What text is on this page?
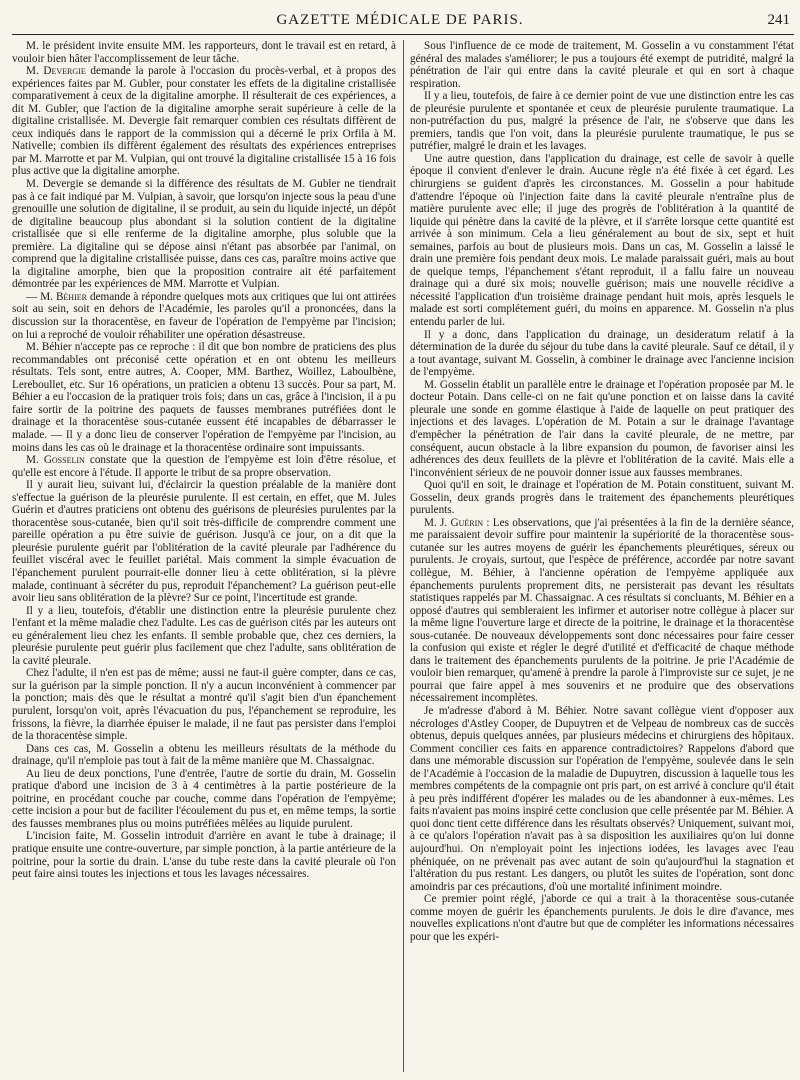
GAZETTE MÉDICALE DE PARIS.	241

M. le président invite ensuite MM. les rapporteurs, dont le travail est en retard, à vouloir bien hâter l'accomplissement de leur tâche.

M. Devergie demande la parole à l'occasion du procès-verbal, et à propos des expériences faites par M. Gubler, pour constater les effets de la digitaline cristallisée comparativement à ceux de la digitaline amorphe. Il résulterait de ces expériences, a dit M. Gubler, que l'action de la digitaline amorphe serait supérieure à celle de la digitaline cristallisée. M. Devergie fait remarquer combien ces résultats diffèrent de ceux indiqués dans le rapport de la commission qui a décerné le prix Orfila à M. Nativelle; combien ils diffèrent également des résultats des expériences entreprises par M. Marrotte et par M. Vulpian, qui ont trouvé la digitaline cristallisée 15 à 16 fois plus active que la digitaline amorphe.

M. Devergie se demande si la différence des résultats de M. Gubler ne tiendrait pas à ce fait indiqué par M. Vulpian, à savoir, que lorsqu'on injecte sous la peau d'une grenouille une solution de digitaline, il se produit, au sein du liquide injecté, un dépôt de digitaline beaucoup plus abondant si la solution contient de la digitaline cristallisée que si elle renferme de la digitaline amorphe, plus soluble que la première. La digitaline qui se dépose ainsi n'étant pas absorbée par l'animal, on comprend que la digitaline cristallisée puisse, dans ces cas, paraître moins active que la digitaline amorphe, bien que la proposition contraire ait été parfaitement démontrée par les expériences de MM. Marrotte et Vulpian.

— M. Béhier demande à répondre quelques mots aux critiques que lui ont attirées soit au sein, soit en dehors de l'Académie, les paroles qu'il a prononcées, dans la discussion sur la thoracentèse, en faveur de l'opération de l'empyème par l'incision; on lui a reproché de vouloir réhabiliter une opération désastreuse.

M. Béhier n'accepte pas ce reproche : il dit que bon nombre de praticiens des plus recommandables ont préconisé cette opération et en ont obtenu les meilleurs résultats. Tels sont, entre autres, A. Cooper, MM. Barthez, Woillez, Laboulbène, Lereboullet, etc. Sur 16 opérations, un praticien a obtenu 13 succès. Pour sa part, M. Béhier a eu l'occasion de la pratiquer trois fois; dans un cas, grâce à l'incision, il a pu faire sortir de la poitrine des paquets de fausses membranes putréfiées dont le drainage et la thoracentèse sous-cutanée eussent été incapables de débarrasser le malade. — Il y a donc lieu de conserver l'opération de l'empyème par l'incision, au moins dans les cas où le drainage et la thoracentèse ordinaire sont impuissants.

M. Gosselin constate que la question de l'empyème est loin d'être résolue, et qu'elle est encore à l'étude. Il apporte le tribut de sa propre observation.

Il y aurait lieu, suivant lui, d'éclaircir la question préalable de la manière dont s'effectue la guérison de la pleurésie purulente. Il est certain, en effet, que M. Jules Guérin et d'autres praticiens ont obtenu des guérisons de pleurésies purulentes par la thoracentèse sous-cutanée, bien qu'il soit très-difficile de comprendre comment une pareille opération a pu être suivie de guérison. Jusqu'à ce jour, on a dit que la pleurésie purulente guérit par l'oblitération de la cavité pleurale par l'adhérence du feuillet viscéral avec le feuillet pariétal. Mais comment la simple évacuation de l'épanchement purulent pourrait-elle donner lieu à cette oblitération, si la plèvre malade, continuant à sécréter du pus, reproduit l'épanchement? La guérison peut-elle avoir lieu sans oblitération de la plèvre? Sur ce point, l'incertitude est grande.

Il y a lieu, toutefois, d'établir une distinction entre la pleurésie purulente chez l'enfant et la même maladie chez l'adulte. Les cas de guérison cités par les auteurs ont eu généralement lieu chez les enfants. Il semble probable que, chez ces derniers, la pleurésie purulente peut guérir plus facilement que chez l'adulte, sans oblitération de la cavité pleurale.

Chez l'adulte, il n'en est pas de même; aussi ne faut-il guère compter, dans ce cas, sur la guérison par la simple ponction. Il n'y a aucun inconvénient à commencer par la ponction; mais dès que le résultat a montré qu'il s'agit bien d'un épanchement purulent, lorsqu'on voit, après l'évacuation du pus, l'épanchement se reproduire, les frissons, la fièvre, la diarrhée épuiser le malade, il ne faut pas persister dans l'emploi de la thoracentèse simple.

Dans ces cas, M. Gosselin a obtenu les meilleurs résultats de la méthode du drainage, qu'il n'emploie pas tout à fait de la même manière que M. Chassaignac.

Au lieu de deux ponctions, l'une d'entrée, l'autre de sortie du drain, M. Gosselin pratique d'abord une incision de 3 à 4 centimètres à la partie postérieure de la poitrine, en procédant couche par couche, comme dans l'opération de l'empyème; cette incision a pour but de faciliter l'écoulement du pus et, en même temps, la sortie des fausses membranes plus ou moins putréfiées mêlées au liquide purulent.

L'incision faite, M. Gosselin introduit d'arrière en avant le tube à drainage; il pratique ensuite une contre-ouverture, par simple ponction, à la partie antérieure de la poitrine, pour la sortie du drain. L'anse du tube reste dans la cavité pleurale où l'on peut faire ainsi toutes les injections et tous les lavages nécessaires.

Sous l'influence de ce mode de traitement, M. Gosselin a vu constamment l'état général des malades s'améliorer; le pus a toujours été exempt de putridité, malgré la pénétration de l'air qui entre dans la cavité pleurale et qui en sort à chaque respiration.

Il y a lieu, toutefois, de faire à ce dernier point de vue une distinction entre les cas de pleurésie purulente et spontanée et ceux de pleurésie purulente traumatique. La non-putréfaction du pus, malgré la présence de l'air, ne s'observe que dans les premiers, tandis que l'on voit, dans la pleurésie purulente traumatique, le pus se putréfier, malgré le drain et les lavages.

Une autre question, dans l'application du drainage, est celle de savoir à quelle époque il convient d'enlever le drain. Aucune règle n'a été fixée à cet égard. Les chirurgiens se guident d'après les circonstances. M. Gosselin a pour habitude d'attendre l'époque où l'injection faite dans la cavité pleurale n'entraîne plus de matière purulente avec elle; il juge des progrès de l'oblitération à la quantité de liquide qui pénètre dans la cavité de la plèvre, et il s'arrête lorsque cette quantité est arrivée à son minimum. Cela a lieu généralement au bout de six, sept et huit semaines, parfois au bout de plusieurs mois. Dans un cas, M. Gosselin a laissé le drain une première fois pendant deux mois. Le malade paraissait guéri, mais au bout de quelque temps, l'épanchement s'étant reproduit, il a fallu faire un nouveau drainage qui a duré six mois; nouvelle guérison; mais une nouvelle récidive a nécessité l'application d'un troisième drainage pendant huit mois, après lesquels le malade est sorti complétement guéri, du moins en apparence. M. Gosselin n'a plus entendu parler de lui.

Il y a donc, dans l'application du drainage, un desideratum relatif à la détermination de la durée du séjour du tube dans la cavité pleurale. Sauf ce détail, il y a tout avantage, suivant M. Gosselin, à combiner le drainage avec l'ancienne incision de l'empyème.

M. Gosselin établit un parallèle entre le drainage et l'opération proposée par M. le docteur Potain. Dans celle-ci on ne fait qu'une ponction et on laisse dans la cavité pleurale une sonde en gomme élastique à l'aide de laquelle on peut pratiquer des injections et des lavages. L'opération de M. Potain a sur le drainage l'avantage d'empêcher la pénétration de l'air dans la cavité pleurale, de ne mettre, par conséquent, aucun obstacle à la libre expansion du poumon, de favoriser ainsi les adhérences des deux feuillets de la plèvre et l'oblitération de la cavité. Mais elle a l'inconvénient sérieux de ne pouvoir donner issue aux fausses membranes.

Quoi qu'il en soit, le drainage et l'opération de M. Potain constituent, suivant M. Gosselin, deux grands progrès dans le traitement des épanchements pleurétiques purulents.

M. J. Guérin : Les observations, que j'ai présentées à la fin de la dernière séance, me paraissaient devoir suffire pour maintenir la supériorité de la thoracentèse sous-cutanée sur les autres moyens de guérir les épanchements pleurétiques, séreux ou purulents. Je croyais, surtout, que l'espèce de préférence, accordée par notre savant collègue, M. Béhier, à l'ancienne opération de l'empyème appliquée aux épanchements purulents proprement dits, ne persisterait pas devant les résultats statistiques rappelés par M. Chassaignac. A ces résultats si concluants, M. Béhier en a opposé d'autres qui sembleraient les infirmer et autoriser notre collègue à placer sur la même ligne l'ouverture large et directe de la poitrine, le drainage et la thoracentèse sous-cutanée. De nouveaux développements sont donc nécessaires pour faire cesser la confusion qui existe et régler le degré d'utilité et d'efficacité de chaque méthode dans le traitement des épanchements purulents de la poitrine. Je prie l'Académie de vouloir bien remarquer, qu'amené à prendre la parole à l'improviste sur ce sujet, je ne pourrai que faire appel à mes souvenirs et ne produire que des observations nécessairement incomplètes.

Je m'adresse d'abord à M. Béhier. Notre savant collègue vient d'opposer aux nécrologes d'Astley Cooper, de Dupuytren et de Velpeau de nombreux cas de succès obtenus, depuis quelques années, par plusieurs médecins et chirurgiens des hôpitaux. Comment concilier ces faits en apparence contradictoires? Rappelons d'abord que dans une mémorable discussion sur l'opération de l'empyème, soulevée dans le sein de l'Académie à l'occasion de la maladie de Dupuytren, discussion à laquelle tous les membres compétents de la compagnie ont pris part, on est arrivé à conclure qu'il était à peu près indifférent d'opérer les malades ou de les abandonner à eux-mêmes. Les faits n'avaient pas moins inspiré cette conclusion que celle présentée par M. Béhier. A quoi donc tient cette différence dans les résultats observés? Uniquement, suivant moi, à ce qu'alors l'opération n'avait pas à sa disposition les auxiliaires qu'on lui donne aujourd'hui. On n'employait point les injections iodées, les lavages avec l'eau phéniquée, on ne prévenait pas avec autant de soin qu'aujourd'hui la stagnation et l'altération du pus restant. Les dangers, ou plutôt les suites de l'opération, sont donc amoindris par ces précautions, d'où une mortalité infiniment moindre.

Ce premier point réglé, j'aborde ce qui a trait à la thoracentèse sous-cutanée comme moyen de guérir les épanchements purulents. Je dois le dire d'avance, mes nouvelles explications n'ont d'autre but que de compléter les informations nécessaires pour que les expéri-
